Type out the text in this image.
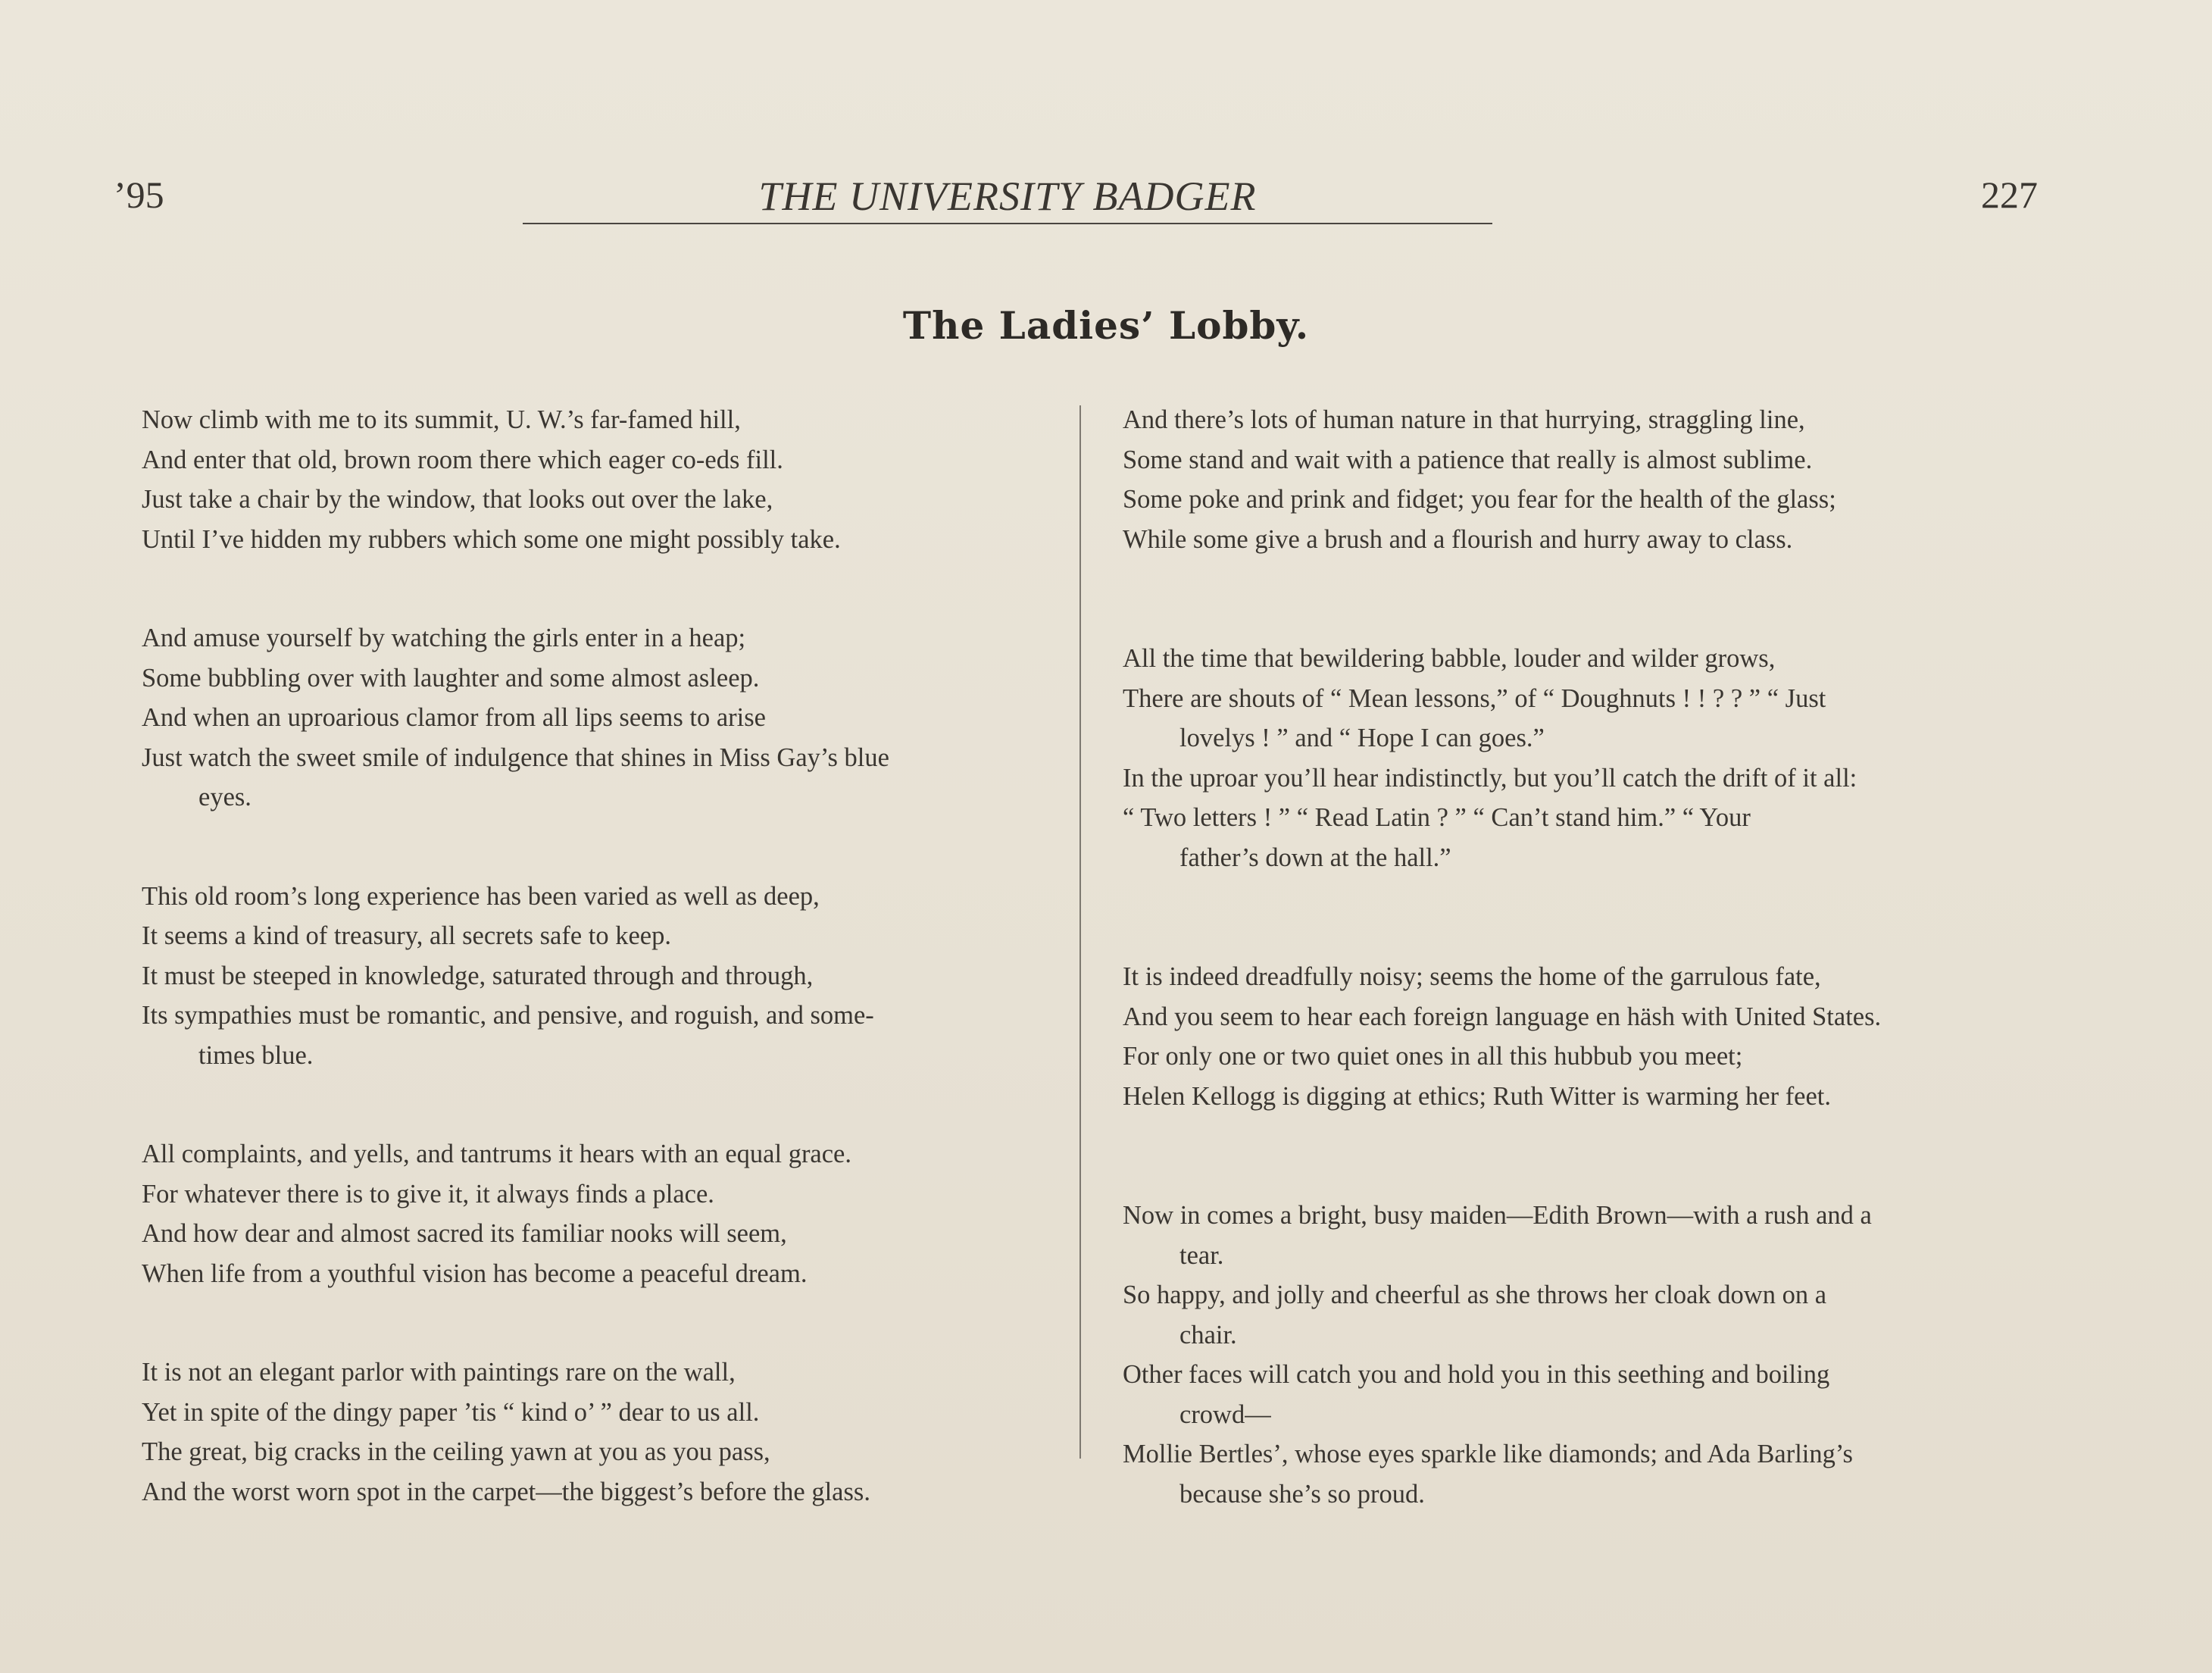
’95	THE UNIVERSITY BADGER	227
The Ladies’ Lobby.
Now climb with me to its summit, U. W.’s far-famed hill,
And enter that old, brown room there which eager co-eds fill.
Just take a chair by the window, that looks out over the lake,
Until I’ve hidden my rubbers which some one might possibly take.
And amuse yourself by watching the girls enter in a heap;
Some bubbling over with laughter and some almost asleep.
And when an uproarious clamor from all lips seems to arise
Just watch the sweet smile of indulgence that shines in Miss Gay’s blue
eyes.
This old room’s long experience has been varied as well as deep,
It seems a kind of treasury, all secrets safe to keep.
It must be steeped in knowledge, saturated through and through,
Its sympathies must be romantic, and pensive, and roguish, and some-
times blue.
All complaints, and yells, and tantrums it hears with an equal grace.
For whatever there is to give it, it always finds a place.
And how dear and almost sacred its familiar nooks will seem,
When life from a youthful vision has become a peaceful dream.
It is not an elegant parlor with paintings rare on the wall,
Yet in spite of the dingy paper ’tis “ kind o’ ” dear to us all.
The great, big cracks in the ceiling yawn at you as you pass,
And the worst worn spot in the carpet—the biggest’s before the glass.
And there’s lots of human nature in that hurrying, straggling line,
Some stand and wait with a patience that really is almost sublime.
Some poke and prink and fidget; you fear for the health of the glass;
While some give a brush and a flourish and hurry away to class.
All the time that bewildering babble, louder and wilder grows,
There are shouts of “ Mean lessons,” of “ Doughnuts ! ! ? ? ” “ Just
lovelys ! ” and “ Hope I can goes.”
In the uproar you’ll hear indistinctly, but you’ll catch the drift of it all:
“ Two letters ! ” “ Read Latin ? ” “ Can’t stand him.” “ Your
father’s down at the hall.”
It is indeed dreadfully noisy; seems the home of the garrulous fate,
And you seem to hear each foreign language en häsh with United States.
For only one or two quiet ones in all this hubbub you meet;
Helen Kellogg is digging at ethics; Ruth Witter is warming her feet.
Now in comes a bright, busy maiden—Edith Brown—with a rush and a
tear.
So happy, and jolly and cheerful as she throws her cloak down on a
chair.
Other faces will catch you and hold you in this seething and boiling
crowd—
Mollie Bertles’, whose eyes sparkle like diamonds; and Ada Barling’s
because she’s so proud.
